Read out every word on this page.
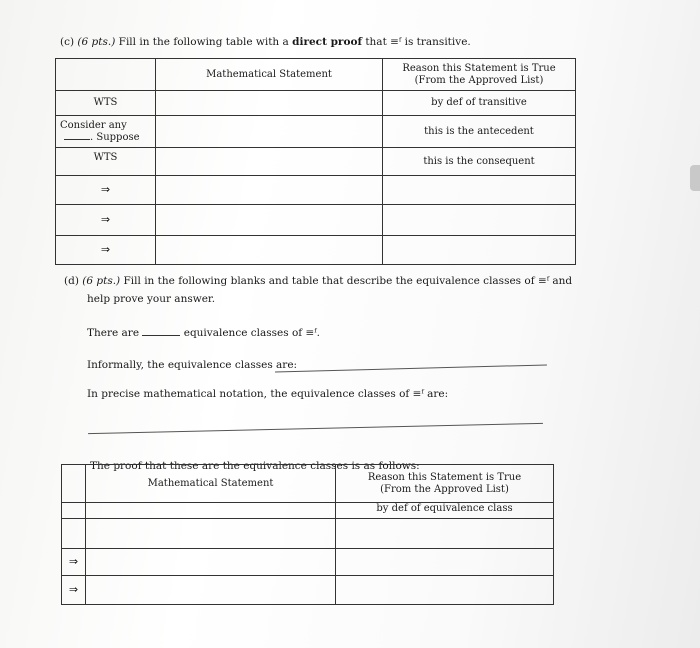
(c) (6 pts.) Fill in the following table with a direct proof that ≡ᶠ is transitive.
	Mathematical Statement	Reason this Statement is True
(From the Approved List)

WTS		by def of transitive

Consider any
. Suppose		this is the antecedent
WTS		this is the consequent
⇒		
⇒		
⇒		
(d) (6 pts.) Fill in the following blanks and table that describe the equivalence classes of ≡ᶠ and
help prove your answer.
There are	equivalence classes of ≡ᶠ.
Informally, the equivalence classes are:
In precise mathematical notation, the equivalence classes of ≡ᶠ are:
The proof that these are the equivalence classes is as follows:
	Mathematical Statement	Reason this Statement is True
(From the Approved List)

		by def of equivalence class

⇒		
⇒		
